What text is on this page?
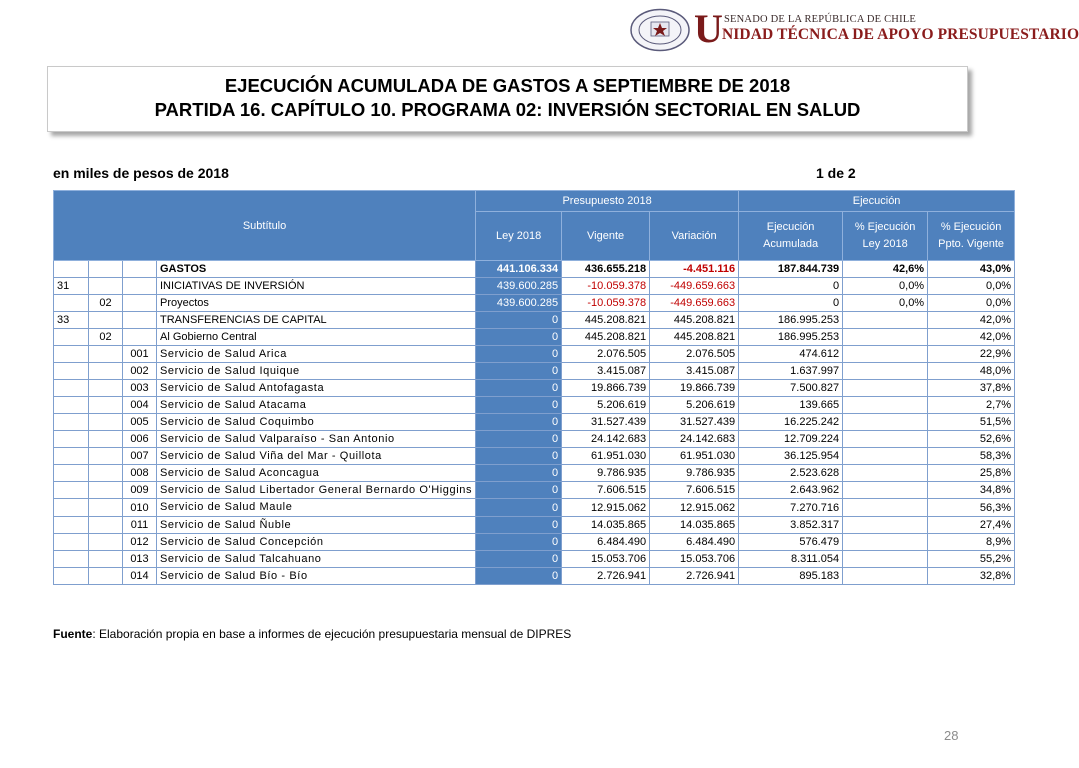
U SENADO DE LA REPÚBLICA DE CHILE
NIDAD TÉCNICA DE APOYO PRESUPUESTARIO
EJECUCIÓN ACUMULADA DE GASTOS A SEPTIEMBRE DE 2018
PARTIDA 16. CAPÍTULO 10. PROGRAMA 02: INVERSIÓN SECTORIAL EN SALUD
en miles de pesos de 2018	1 de 2
Subtítulo				Presupuesto 2018			Ejecución		
				Ley 2018	Vigente	Variación	Ejecución Acumulada	% Ejecución Ley 2018	% Ejecución Ppto. Vigente
			GASTOS	441.106.334	436.655.218	-4.451.116	187.844.739	42,6%	43,0%
31			INICIATIVAS DE INVERSIÓN	439.600.285	-10.059.378	-449.659.663	0	0,0%	0,0%
	02		Proyectos	439.600.285	-10.059.378	-449.659.663	0	0,0%	0,0%
33			TRANSFERENCIAS DE CAPITAL	0	445.208.821	445.208.821	186.995.253		42,0%
	02		Al Gobierno Central	0	445.208.821	445.208.821	186.995.253		42,0%
		001	Servicio de Salud Arica	0	2.076.505	2.076.505	474.612		22,9%
		002	Servicio de Salud Iquique	0	3.415.087	3.415.087	1.637.997		48,0%
		003	Servicio de Salud Antofagasta	0	19.866.739	19.866.739	7.500.827		37,8%
		004	Servicio de Salud Atacama	0	5.206.619	5.206.619	139.665		2,7%
		005	Servicio de Salud Coquimbo	0	31.527.439	31.527.439	16.225.242		51,5%
		006	Servicio de Salud Valparaíso - San Antonio	0	24.142.683	24.142.683	12.709.224		52,6%
		007	Servicio de Salud Viña del Mar - Quillota	0	61.951.030	61.951.030	36.125.954		58,3%
		008	Servicio de Salud Aconcagua	0	9.786.935	9.786.935	2.523.628		25,8%
		009	Servicio de Salud Libertador General Bernardo O'Higgins	0	7.606.515	7.606.515	2.643.962		34,8%
		010	Servicio de Salud Maule	0	12.915.062	12.915.062	7.270.716		56,3%
		011	Servicio de Salud Ñuble	0	14.035.865	14.035.865	3.852.317		27,4%
		012	Servicio de Salud Concepción	0	6.484.490	6.484.490	576.479		8,9%
		013	Servicio de Salud Talcahuano	0	15.053.706	15.053.706	8.311.054		55,2%
		014	Servicio de Salud Bío - Bío	0	2.726.941	2.726.941	895.183		32,8%
Fuente: Elaboración propia en base a informes de ejecución presupuestaria mensual de DIPRES
28
